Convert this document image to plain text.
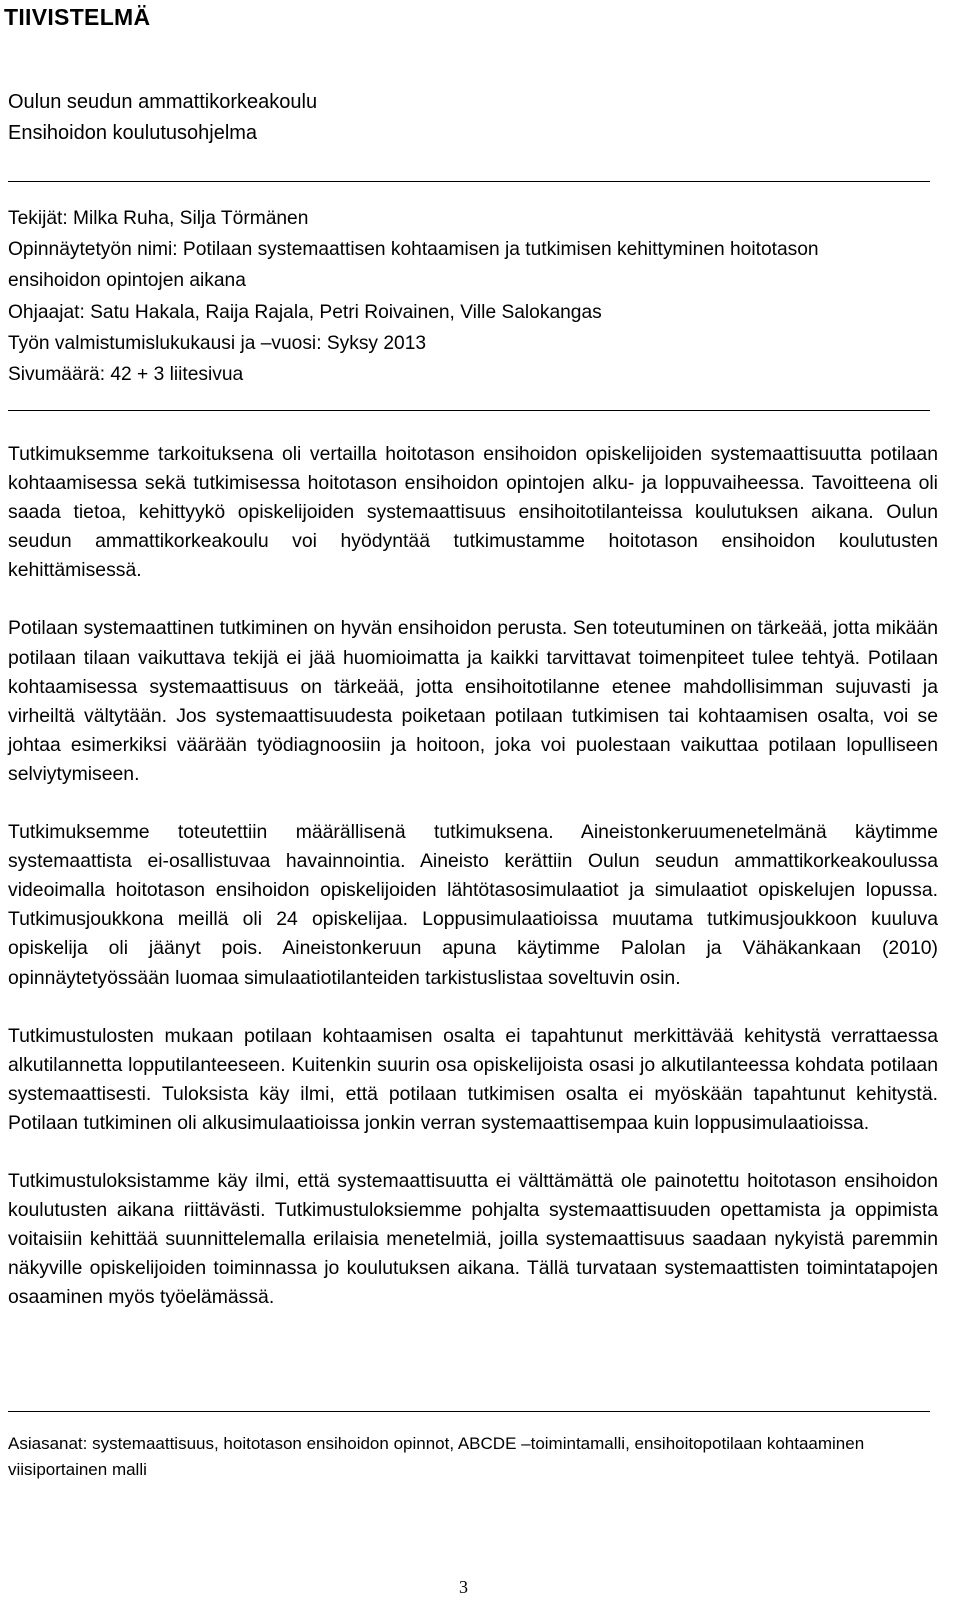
TIIVISTELMÄ
Oulun seudun ammattikorkeakoulu
Ensihoidon koulutusohjelma
Tekijät: Milka Ruha, Silja Törmänen
Opinnäytetyön nimi: Potilaan systemaattisen kohtaamisen ja tutkimisen kehittyminen hoitotason
ensihoidon opintojen aikana
Ohjaajat: Satu Hakala, Raija Rajala, Petri Roivainen, Ville Salokangas
Työn valmistumislukukausi ja –vuosi: Syksy 2013
Sivumäärä: 42 + 3 liitesivua

Tutkimuksemme tarkoituksena oli vertailla hoitotason ensihoidon opiskelijoiden systemaattisuutta potilaan kohtaamisessa sekä tutkimisessa hoitotason ensihoidon opintojen alku- ja loppuvaiheessa. Tavoitteena oli saada tietoa, kehittyykö opiskelijoiden systemaattisuus ensihoitotilanteissa koulutuksen aikana. Oulun seudun ammattikorkeakoulu voi hyödyntää tutkimustamme hoitotason ensihoidon koulutusten kehittämisessä.

Potilaan systemaattinen tutkiminen on hyvän ensihoidon perusta. Sen toteutuminen on tärkeää, jotta mikään potilaan tilaan vaikuttava tekijä ei jää huomioimatta ja kaikki tarvittavat toimenpiteet tulee tehtyä. Potilaan kohtaamisessa systemaattisuus on tärkeää, jotta ensihoitotilanne etenee mahdollisimman sujuvasti ja virheiltä vältytään. Jos systemaattisuudesta poiketaan potilaan tutkimisen tai kohtaamisen osalta, voi se johtaa esimerkiksi väärään työdiagnoosiin ja hoitoon, joka voi puolestaan vaikuttaa potilaan lopulliseen selviytymiseen.

Tutkimuksemme toteutettiin määrällisenä tutkimuksena. Aineistonkeruumenetelmänä käytimme systemaattista ei-osallistuvaa havainnointia. Aineisto kerättiin Oulun seudun ammattikorkeakoulussa videoimalla hoitotason ensihoidon opiskelijoiden lähtötasosimulaatiot ja simulaatiot opiskelujen lopussa. Tutkimusjoukkona meillä oli 24 opiskelijaa. Loppusimulaatioissa muutama tutkimusjoukkoon kuuluva opiskelija oli jäänyt pois. Aineistonkeruun apuna käytimme Palolan ja Vähäkankaan (2010) opinnäytetyössään luomaa simulaatiotilanteiden tarkistuslistaa soveltuvin osin.

Tutkimustulosten mukaan potilaan kohtaamisen osalta ei tapahtunut merkittävää kehitystä verrattaessa alkutilannetta lopputilanteeseen. Kuitenkin suurin osa opiskelijoista osasi jo alkutilanteessa kohdata potilaan systemaattisesti. Tuloksista käy ilmi, että potilaan tutkimisen osalta ei myöskään tapahtunut kehitystä. Potilaan tutkiminen oli alkusimulaatioissa jonkin verran systemaattisempaa kuin loppusimulaatioissa.

Tutkimustuloksistamme käy ilmi, että systemaattisuutta ei välttämättä ole painotettu hoitotason ensihoidon koulutusten aikana riittävästi. Tutkimustuloksiemme pohjalta systemaattisuuden opettamista ja oppimista voitaisiin kehittää suunnittelemalla erilaisia menetelmiä, joilla systemaattisuus saadaan nykyistä paremmin näkyville opiskelijoiden toiminnassa jo koulutuksen aikana. Tällä turvataan systemaattisten toimintatapojen osaaminen myös työelämässä.

Asiasanat: systemaattisuus, hoitotason ensihoidon opinnot, ABCDE –toimintamalli, ensihoitopotilaan kohtaaminen viisiportainen malli

3
